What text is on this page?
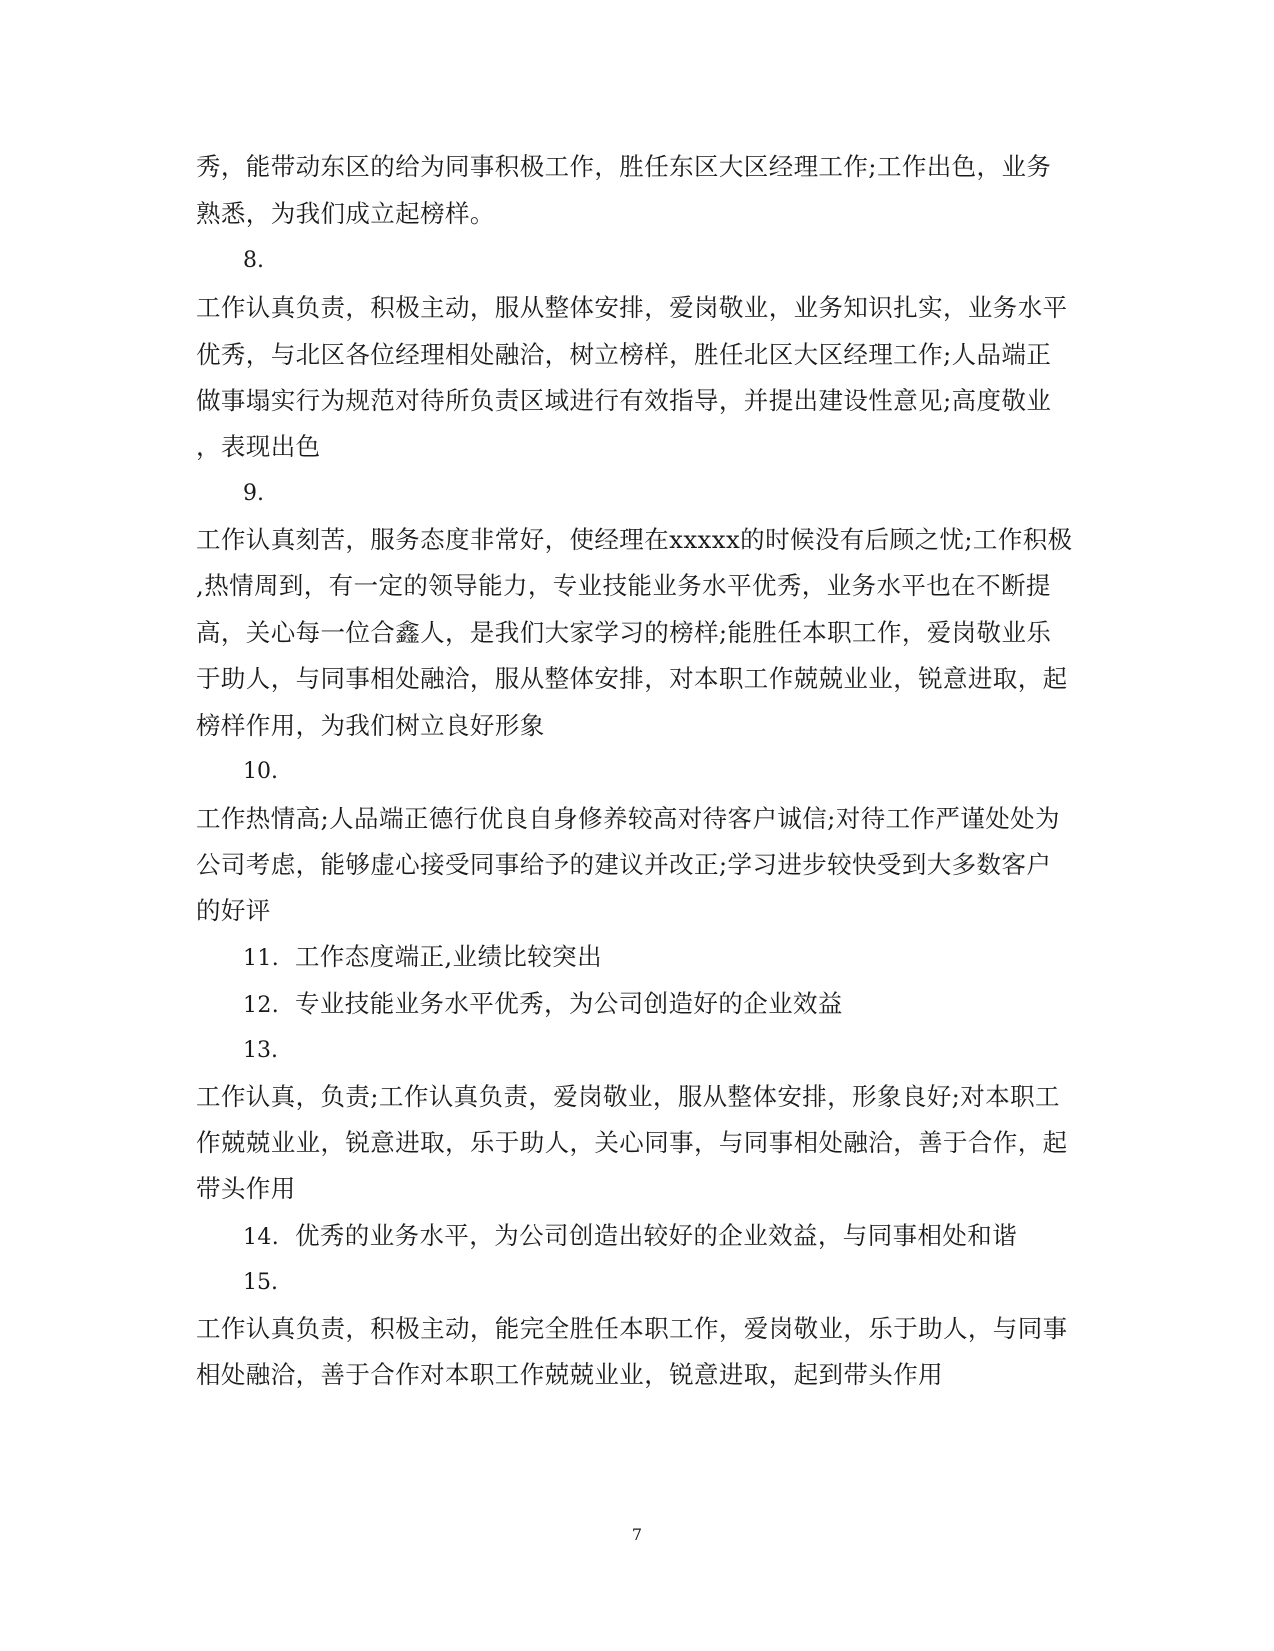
秀，能带动东区的给为同事积极工作，胜任东区大区经理工作;工作出色，业务
熟悉，为我们成立起榜样。
8.
工作认真负责，积极主动，服从整体安排，爱岗敬业，业务知识扎实，业务水平
优秀，与北区各位经理相处融洽，树立榜样，胜任北区大区经理工作;人品端正
做事塌实行为规范对待所负责区域进行有效指导，并提出建设性意见;高度敬业
，表现出色
9.
工作认真刻苦，服务态度非常好，使经理在xxxxx的时候没有后顾之忧;工作积极
,热情周到，有一定的领导能力，专业技能业务水平优秀，业务水平也在不断提
高，关心每一位合鑫人，是我们大家学习的榜样;能胜任本职工作，爱岗敬业乐
于助人，与同事相处融洽，服从整体安排，对本职工作兢兢业业，锐意进取，起
榜样作用，为我们树立良好形象
10.
工作热情高;人品端正德行优良自身修养较高对待客户诚信;对待工作严谨处处为
公司考虑，能够虚心接受同事给予的建议并改正;学习进步较快受到大多数客户
的好评
11. 工作态度端正,业绩比较突出
12. 专业技能业务水平优秀，为公司创造好的企业效益
13.
工作认真，负责;工作认真负责，爱岗敬业，服从整体安排，形象良好;对本职工
作兢兢业业，锐意进取，乐于助人，关心同事，与同事相处融洽，善于合作，起
带头作用
14. 优秀的业务水平，为公司创造出较好的企业效益，与同事相处和谐
15.
工作认真负责，积极主动，能完全胜任本职工作，爱岗敬业，乐于助人，与同事
相处融洽，善于合作对本职工作兢兢业业，锐意进取，起到带头作用
7
